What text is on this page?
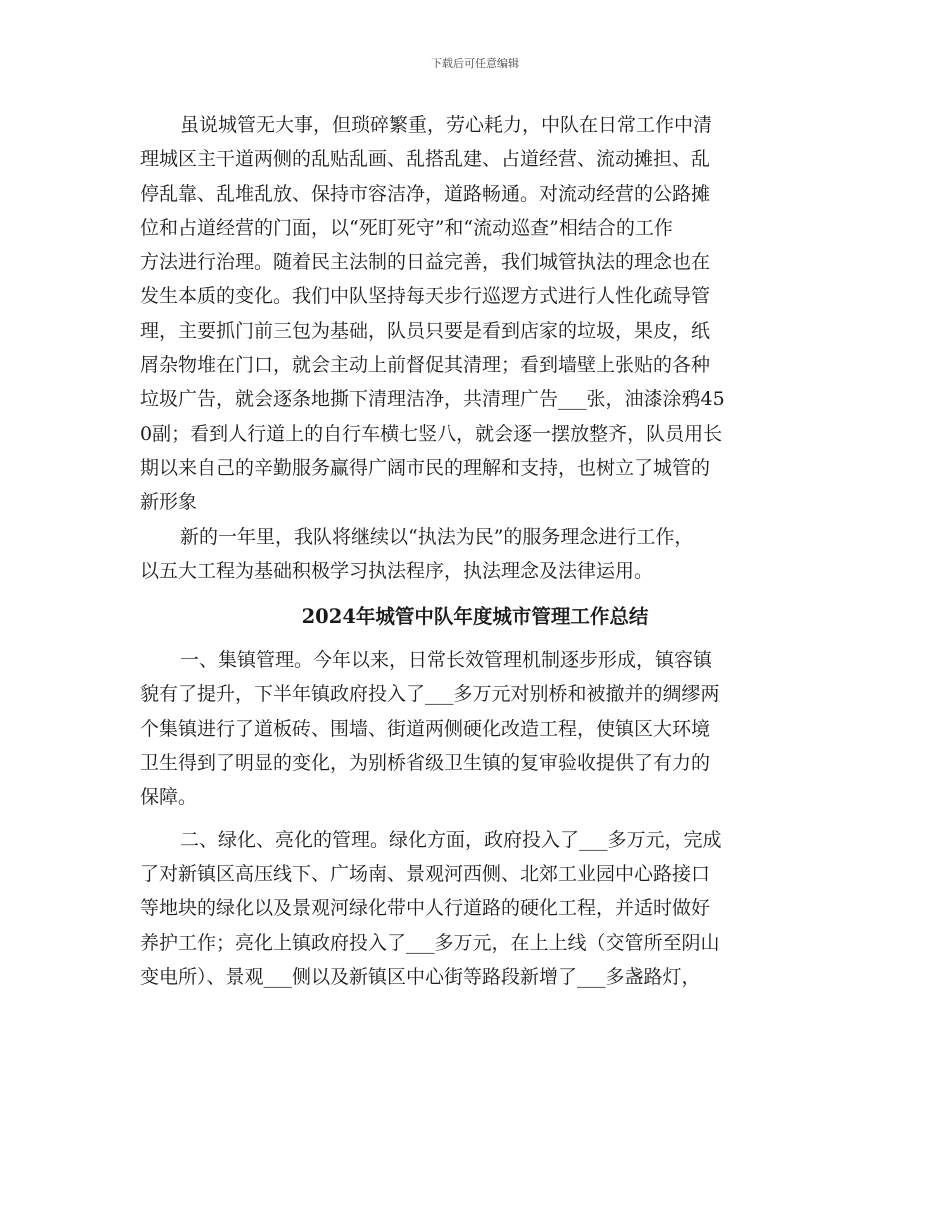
下载后可任意编辑
虽说城管无大事，但琐碎繁重，劳心耗力，中队在日常工作中清
理城区主干道两侧的乱贴乱画、乱搭乱建、占道经营、流动摊担、乱
停乱靠、乱堆乱放、保持市容洁净，道路畅通。对流动经营的公路摊
位和占道经营的门面，以“死盯死守”和“流动巡查”相结合的工作
方法进行治理。随着民主法制的日益完善，我们城管执法的理念也在
发生本质的变化。我们中队坚持每天步行巡逻方式进行人性化疏导管
理，主要抓门前三包为基础，队员只要是看到店家的垃圾，果皮，纸
屑杂物堆在门口，就会主动上前督促其清理；看到墙壁上张贴的各种
垃圾广告，就会逐条地撕下清理洁净，共清理广告___张，油漆涂鸦45
0副；看到人行道上的自行车横七竖八，就会逐一摆放整齐，队员用长
期以来自己的辛勤服务赢得广阔市民的理解和支持，也树立了城管的
新形象
新的一年里，我队将继续以“执法为民”的服务理念进行工作，
以五大工程为基础积极学习执法程序，执法理念及法律运用。
2024年城管中队年度城市管理工作总结
一、集镇管理。今年以来，日常长效管理机制逐步形成，镇容镇
貌有了提升，下半年镇政府投入了___多万元对别桥和被撤并的绸缪两
个集镇进行了道板砖、围墙、街道两侧硬化改造工程，使镇区大环境
卫生得到了明显的变化，为别桥省级卫生镇的复审验收提供了有力的
保障。
二、绿化、亮化的管理。绿化方面，政府投入了___多万元，完成
了对新镇区高压线下、广场南、景观河西侧、北郊工业园中心路接口
等地块的绿化以及景观河绿化带中人行道路的硬化工程，并适时做好
养护工作；亮化上镇政府投入了___多万元，在上上线（交管所至阴山
变电所）、景观___侧以及新镇区中心街等路段新增了___多盏路灯，
